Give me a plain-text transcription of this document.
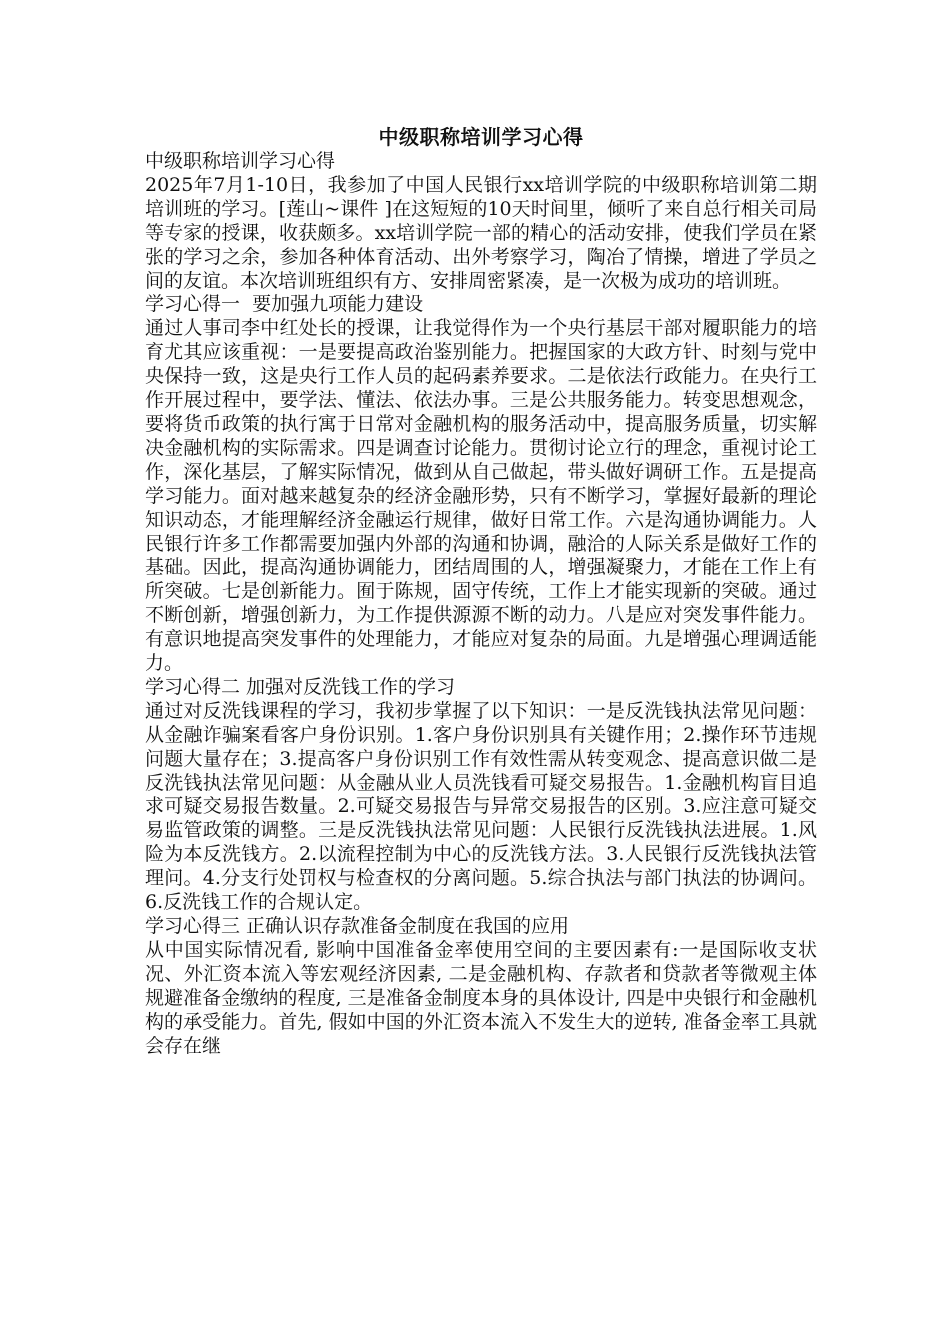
中级职称培训学习心得

中级职称培训学习心得

2025年7月1-10日，我参加了中国人民银行xx培训学院的中级职称培训第二期培训班的学习。[莲山~课件 ]在这短短的10天时间里，倾听了来自总行相关司局等专家的授课，收获颇多。xx培训学院一部的精心的活动安排，使我们学员在紧张的学习之余，参加各种体育活动、出外考察学习，陶冶了情操，增进了学员之间的友谊。本次培训班组织有方、安排周密紧凑，是一次极为成功的培训班。

学习心得一  要加强九项能力建设

通过人事司李中红处长的授课，让我觉得作为一个央行基层干部对履职能力的培育尤其应该重视：一是要提高政治鉴别能力。把握国家的大政方针、时刻与党中央保持一致，这是央行工作人员的起码素养要求。二是依法行政能力。在央行工作开展过程中，要学法、懂法、依法办事。三是公共服务能力。转变思想观念，要将货币政策的执行寓于日常对金融机构的服务活动中，提高服务质量，切实解决金融机构的实际需求。四是调查讨论能力。贯彻讨论立行的理念，重视讨论工作，深化基层，了解实际情况，做到从自己做起，带头做好调研工作。五是提高学习能力。面对越来越复杂的经济金融形势，只有不断学习，掌握好最新的理论知识动态，才能理解经济金融运行规律，做好日常工作。六是沟通协调能力。人民银行许多工作都需要加强内外部的沟通和协调，融洽的人际关系是做好工作的基础。因此，提高沟通协调能力，团结周围的人，增强凝聚力，才能在工作上有所突破。七是创新能力。囿于陈规，固守传统，工作上才能实现新的突破。通过不断创新，增强创新力，为工作提供源源不断的动力。八是应对突发事件能力。有意识地提高突发事件的处理能力，才能应对复杂的局面。九是增强心理调适能力。

学习心得二 加强对反洗钱工作的学习

通过对反洗钱课程的学习，我初步掌握了以下知识：一是反洗钱执法常见问题：从金融诈骗案看客户身份识别。1.客户身份识别具有关键作用；2.操作环节违规问题大量存在；3.提高客户身份识别工作有效性需从转变观念、提高意识做二是反洗钱执法常见问题：从金融从业人员洗钱看可疑交易报告。1.金融机构盲目追求可疑交易报告数量。2.可疑交易报告与异常交易报告的区别。3.应注意可疑交易监管政策的调整。三是反洗钱执法常见问题：人民银行反洗钱执法进展。1.风险为本反洗钱方。2.以流程控制为中心的反洗钱方法。3.人民银行反洗钱执法管理问。4.分支行处罚权与检查权的分离问题。5.综合执法与部门执法的协调问。6.反洗钱工作的合规认定。

学习心得三 正确认识存款准备金制度在我国的应用

从中国实际情况看, 影响中国准备金率使用空间的主要因素有:一是国际收支状况、外汇资本流入等宏观经济因素, 二是金融机构、存款者和贷款者等微观主体规避准备金缴纳的程度, 三是准备金制度本身的具体设计, 四是中央银行和金融机构的承受能力。首先, 假如中国的外汇资本流入不发生大的逆转, 准备金率工具就会存在继
